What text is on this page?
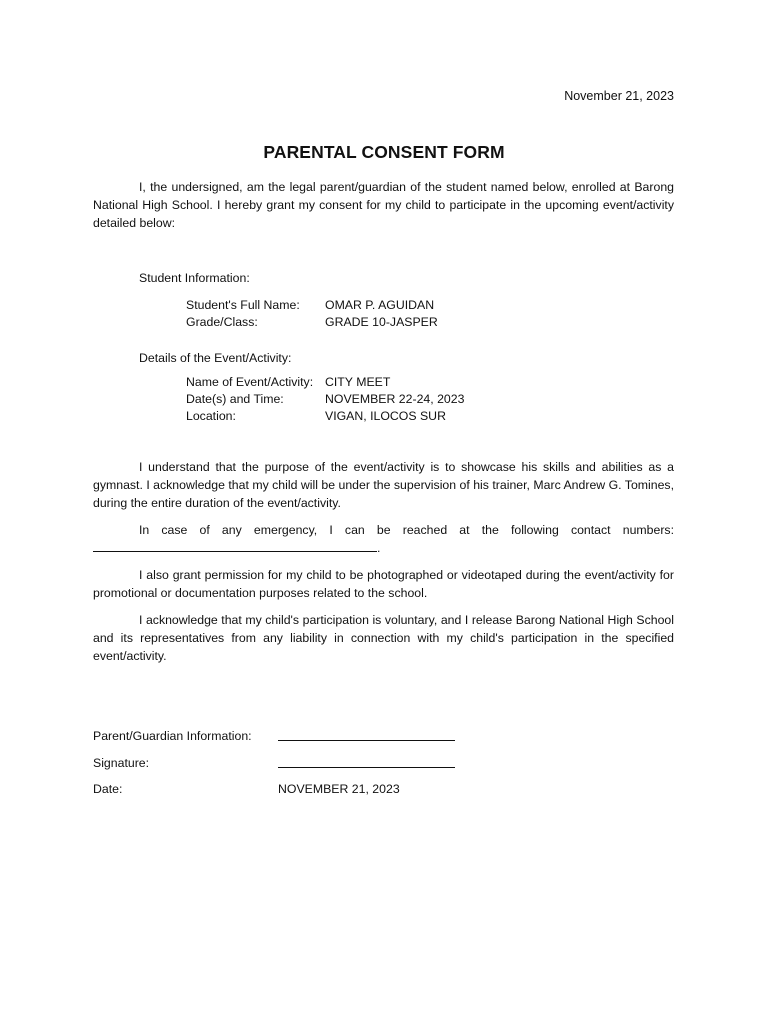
November 21, 2023
PARENTAL CONSENT FORM

I, the undersigned, am the legal parent/guardian of the student named below, enrolled at Barong National High School. I hereby grant my consent for my child to participate in the upcoming event/activity detailed below:

Student Information:
Student's Full Name: OMAR P. AGUIDAN
Grade/Class:	GRADE 10-JASPER
Details of the Event/Activity:
Name of Event/Activity: CITY MEET
Date(s) and Time:	NOVEMBER 22-24, 2023
Location:	VIGAN, ILOCOS SUR

I understand that the purpose of the event/activity is to showcase his skills and abilities as a gymnast. I acknowledge that my child will be under the supervision of his trainer, Marc Andrew G. Tomines, during the entire duration of the event/activity.

In case of any emergency, I can be reached at the following contact numbers: .

I also grant permission for my child to be photographed or videotaped during the event/activity for promotional or documentation purposes related to the school.

I acknowledge that my child's participation is voluntary, and I release Barong National High School and its representatives from any liability in connection with my child's participation in the specified event/activity.

Parent/Guardian Information:
Signature:
Date:	NOVEMBER 21, 2023
